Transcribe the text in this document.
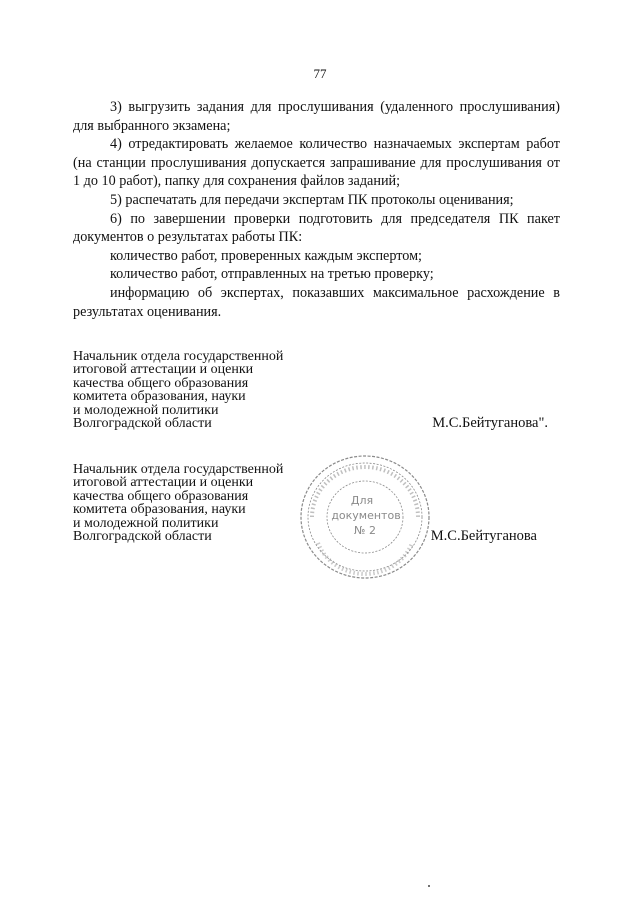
77

3) выгрузить задания для прослушивания (удаленного прослушивания) для выбранного экзамена;

4) отредактировать желаемое количество назначаемых экспертам работ (на станции прослушивания допускается запрашивание для прослушивания от 1 до 10 работ), папку для сохранения файлов заданий;

5) распечатать для передачи экспертам ПК протоколы оценивания;

6) по завершении проверки подготовить для председателя ПК пакет документов о результатах работы ПК:

количество работ, проверенных каждым экспертом;

количество работ, отправленных на третью проверку;

информацию об экспертах, показавших максимальное расхождение в результатах оценивания.

Начальник отдела государственной
итоговой аттестации и оценки
качества общего образования
комитета образования, науки
и молодежной политики
Волгоградской области	М.С.Бейтуганова".
Начальник отдела государственной
итоговой аттестации и оценки
качества общего образования
комитета образования, науки
и молодежной политики
Волгоградской области	М.С.Бейтуганова
Для
документов
№ 2
